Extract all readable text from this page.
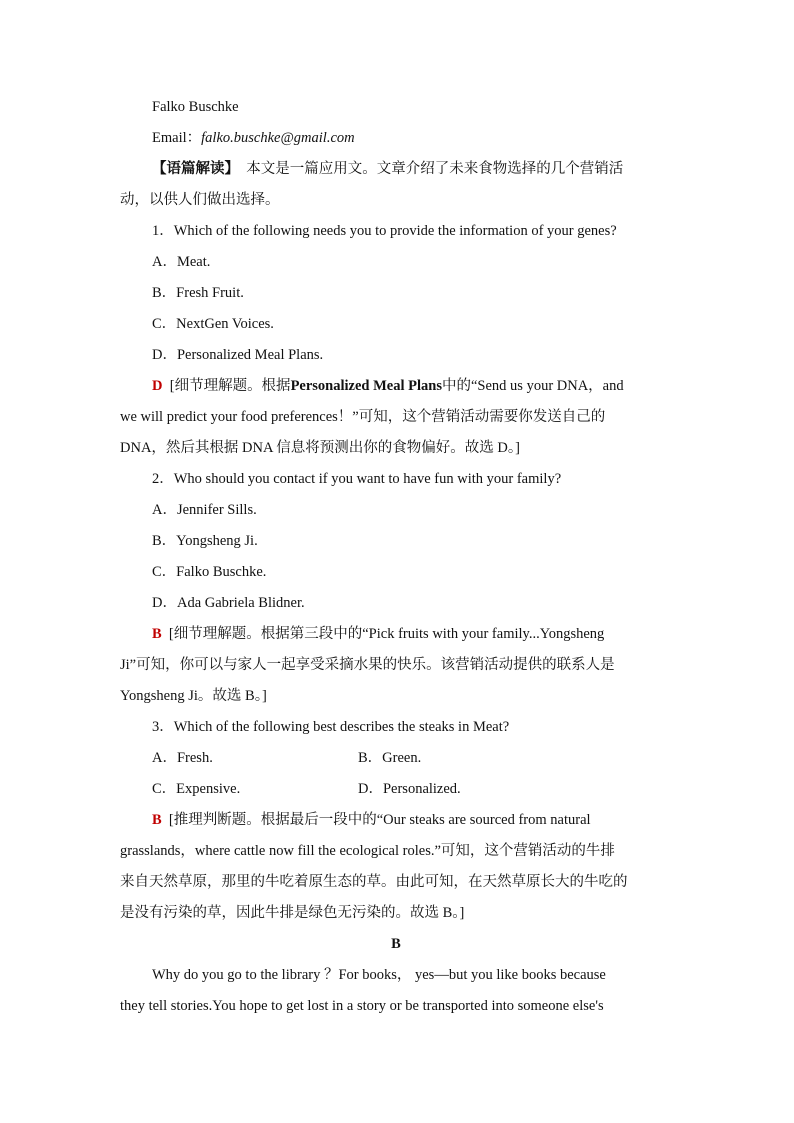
Falko Buschke
Email：falko.buschke@gmail.com
【语篇解读】 本文是一篇应用文。文章介绍了未来食物选择的几个营销活
动，以供人们做出选择。
1．Which of the following needs you to provide the information of your genes?
A．Meat.
B．Fresh Fruit.
C．NextGen Voices.
D．Personalized Meal Plans.
D [细节理解题。根据Personalized Meal Plans中的“Send us your DNA，and
we will predict your food preferences！”可知，这个营销活动需要你发送自己的
DNA，然后其根据 DNA 信息将预测出你的食物偏好。故选 D。]
2．Who should you contact if you want to have fun with your family?
A．Jennifer Sills.
B．Yongsheng Ji.
C．Falko Buschke.
D．Ada Gabriela Blidner.
B [细节理解题。根据第三段中的“Pick fruits with your family...Yongsheng
Ji”可知，你可以与家人一起享受采摘水果的快乐。该营销活动提供的联系人是
Yongsheng Ji。故选 B。]
3．Which of the following best describes the steaks in Meat?
A．Fresh.	B．Green.
C．Expensive.	D．Personalized.
B [推理判断题。根据最后一段中的“Our steaks are sourced from natural
grasslands，where cattle now fill the ecological roles.”可知，这个营销活动的牛排
来自天然草原，那里的牛吃着原生态的草。由此可知，在天然草原长大的牛吃的
是没有污染的草，因此牛排是绿色无污染的。故选 B。]
B
Why do you go to the library ？For books， yes—but you like books because
they tell stories.You hope to get lost in a story or be transported into someone else's
